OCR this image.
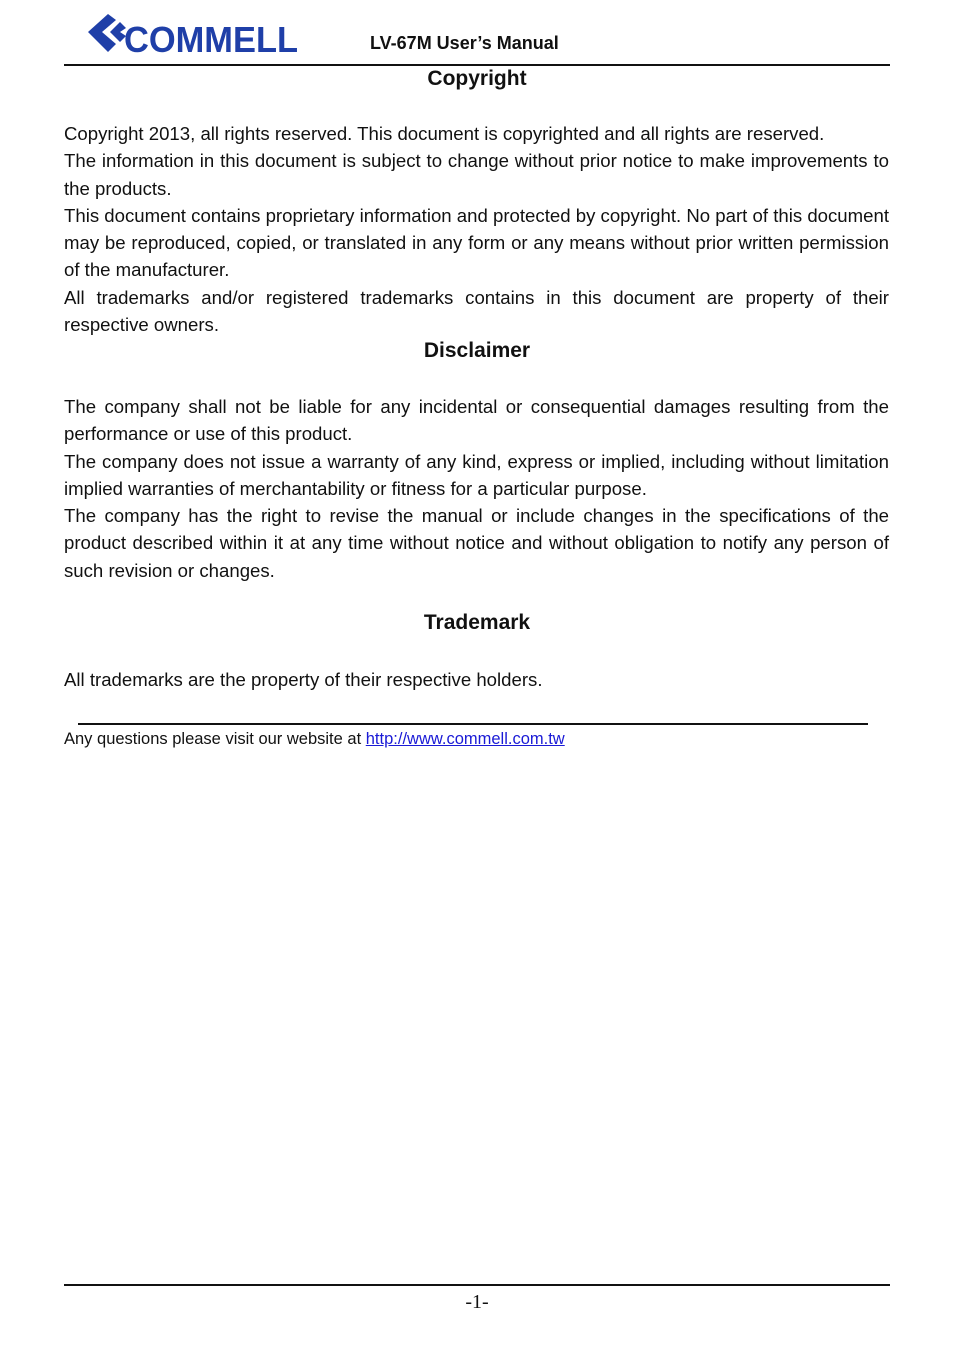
COMMELL	LV-67M User’s Manual
Copyright
Copyright 2013, all rights reserved. This document is copyrighted and all rights are reserved.
The information in this document is subject to change without prior notice to make improvements to the products.
This document contains proprietary information and protected by copyright. No part of this document may be reproduced, copied, or translated in any form or any means without prior written permission of the manufacturer.
All trademarks and/or registered trademarks contains in this document are property of their respective owners.
Disclaimer
The company shall not be liable for any incidental or consequential damages resulting from the performance or use of this product.
The company does not issue a warranty of any kind, express or implied, including without limitation implied warranties of merchantability or fitness for a particular purpose.
The company has the right to revise the manual or include changes in the specifications of the product described within it at any time without notice and without obligation to notify any person of such revision or changes.
Trademark
All trademarks are the property of their respective holders.
Any questions please visit our website at http://www.commell.com.tw
-1-
